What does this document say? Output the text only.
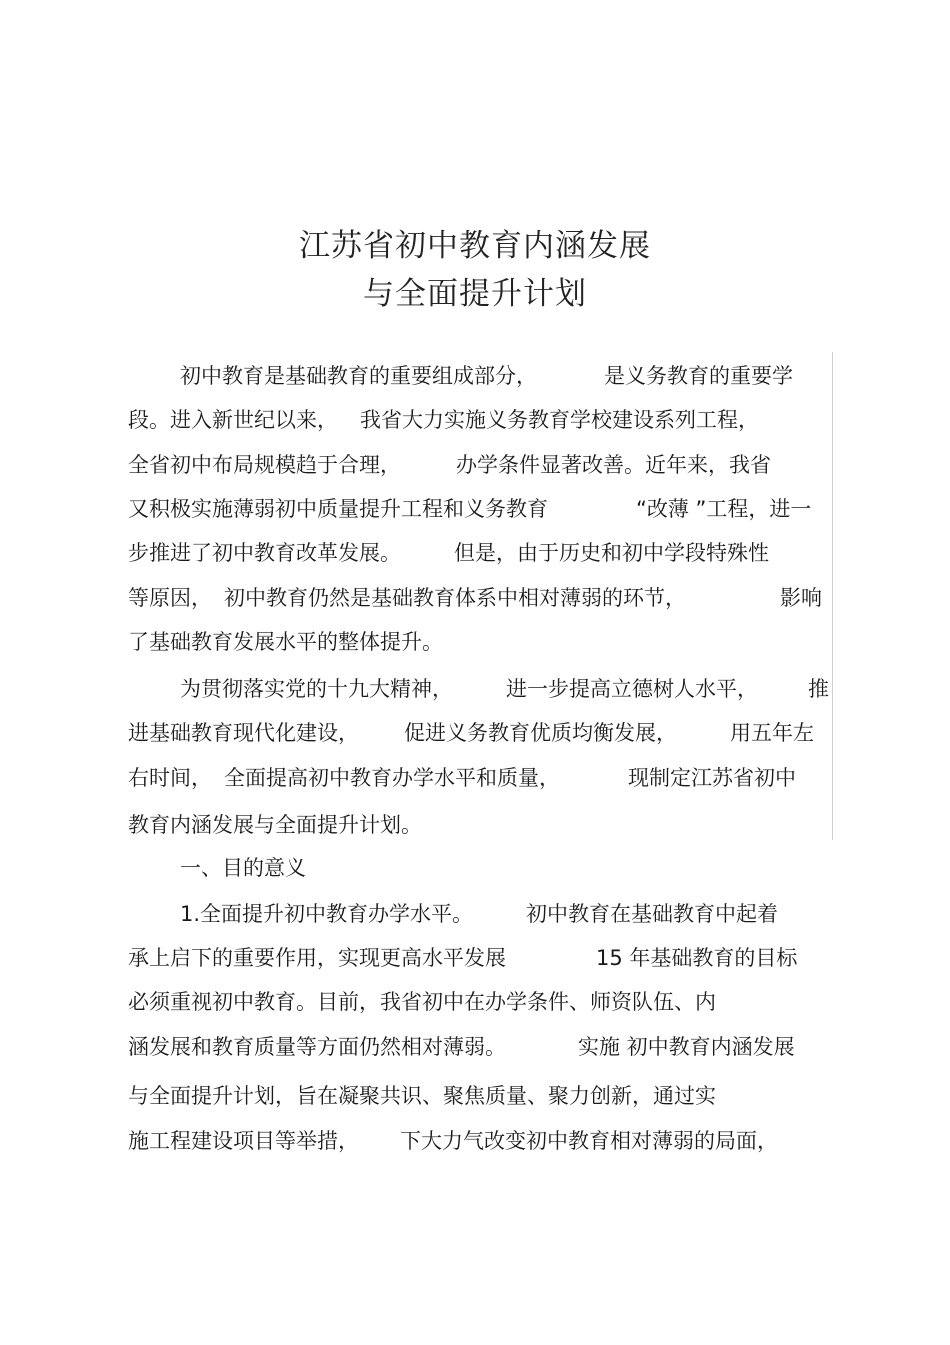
江苏省初中教育内涵发展
与全面提升计划
初中教育是基础教育的重要组成部分，	是义务教育的重要学
段。进入新世纪以来， 我省大力实施义务教育学校建设系列工程，
全省初中布局规模趋于合理，	办学条件显著改善。近年来，我省
又积极实施薄弱初中质量提升工程和义务教育	“改薄 ”工程，进一
步推进了初中教育改革发展。	但是，由于历史和初中学段特殊性
等原因， 初中教育仍然是基础教育体系中相对薄弱的环节，	影响
了基础教育发展水平的整体提升。
为贯彻落实党的十九大精神，	进一步提高立德树人水平， 推
进基础教育现代化建设， 促进义务教育优质均衡发展，	用五年左
右时间， 全面提高初中教育办学水平和质量，	现制定江苏省初中
教育内涵发展与全面提升计划。
一、目的意义
1.全面提升初中教育办学水平。	初中教育在基础教育中起着
承上启下的重要作用，实现更高水平发展	15 年基础教育的目标
必须重视初中教育。目前，我省初中在办学条件、师资队伍、内
涵发展和教育质量等方面仍然相对薄弱。	实施 初中教育内涵发展
与全面提升计划，旨在凝聚共识、聚焦质量、聚力创新，通过实
施工程建设项目等举措， 下大力气改变初中教育相对薄弱的局面，
